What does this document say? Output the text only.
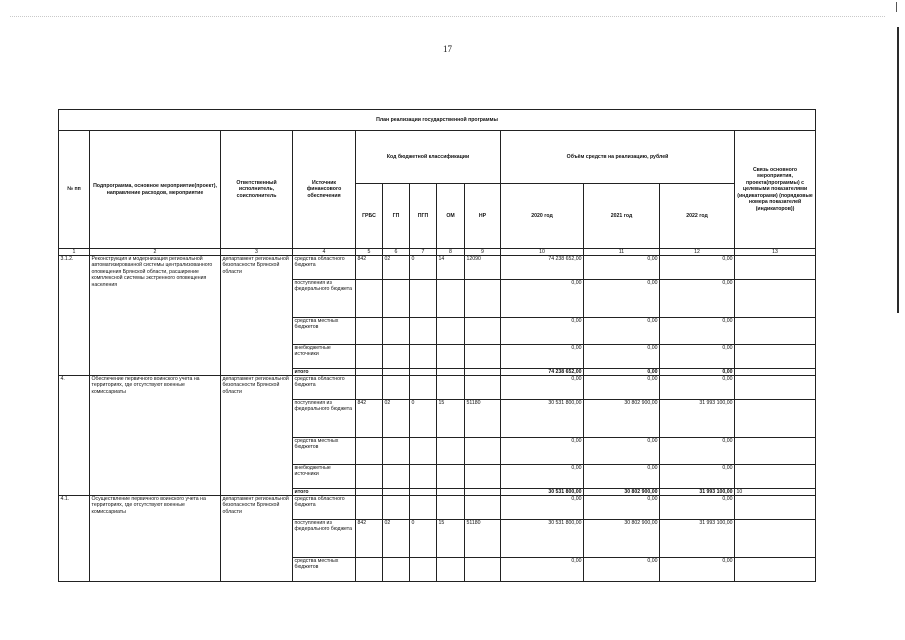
17
План реализации государственной программы												
№ пп	Подпрограмма, основное мероприятие(проект), направление расходов, мероприятие	Ответственный исполнитель, соисполнитель	Источник финансового обеспечения	Код бюджетной классификации					Объём средств на реализацию, рублей			Связь основного мероприятия, проекта(программы) с целевыми показателями (индикаторами) (порядковые номера показателей (индикаторов))
				ГРБС	ГП	ПГП	ОМ	НР	2020 год	2021 год	2022 год	
1	2	3	4	5	6	7	8	9	10	11	12	13
3.1.2.	Реконструкция и модернизация региональной автоматизированной системы централизованного оповещения Брянской области, расширение комплексной системы экстренного оповещения населения	департамент региональной безопасности Брянской области	средства областного бюджета	842	02	0	14	12090	74 238 652,00	0,00	0,00	
			поступления из федерального бюджета						0,00	0,00	0,00	
			средства местных бюджетов						0,00	0,00	0,00	
			внебюджетные источники						0,00	0,00	0,00	
			итого						74 238 652,00	0,00	0,00	
4.	Обеспечение первичного воинского учета на территориях, где отсутствуют военные комиссариаты	департамент региональной безопасности Брянской области	средства областного бюджета						0,00	0,00	0,00	
			поступления из федерального бюджета	842	02	0	15	51180	30 531 800,00	30 802 900,00	31 993 100,00	
			средства местных бюджетов						0,00	0,00	0,00	
			внебюджетные источники						0,00	0,00	0,00	
			итого						30 531 800,00	30 802 900,00	31 993 100,00	10
4.1.	Осуществление первичного воинского учета на территориях, где отсутствуют военные комиссариаты	департамент региональной безопасности Брянской области	средства областного бюджета						0,00	0,00	0,00	
			поступления из федерального бюджета	842	02	0	15	51180	30 531 800,00	30 802 900,00	31 993 100,00	
			средства местных бюджетов						0,00	0,00	0,00	
